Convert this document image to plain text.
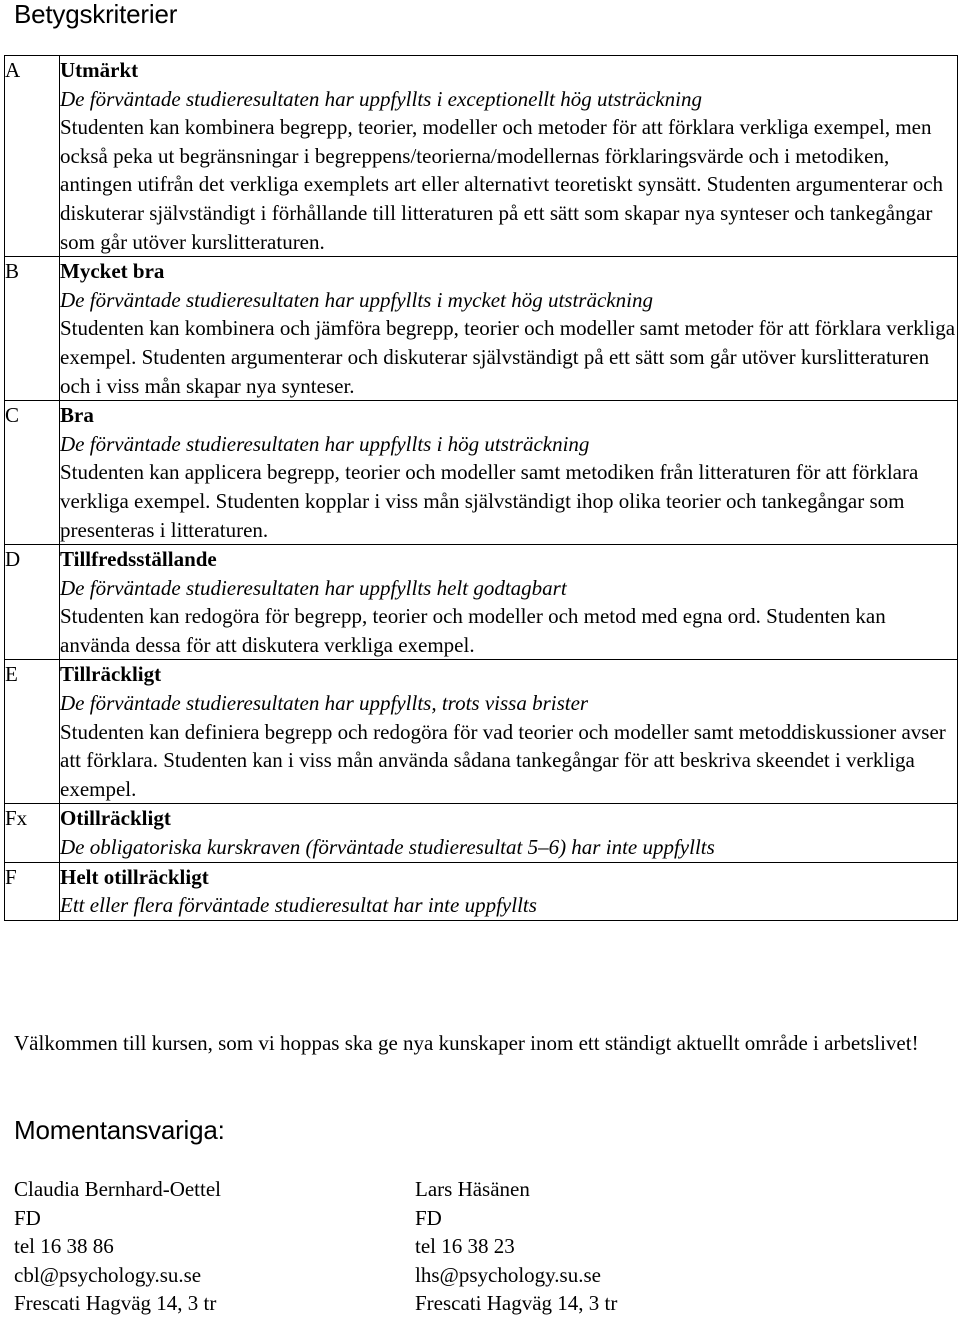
Betygskriterier
A	Utmärkt
De förväntade studieresultaten har uppfyllts i exceptionellt hög utsträckning
Studenten kan kombinera begrepp, teorier, modeller och metoder för att förklara verkliga exempel, men också peka ut begränsningar i begreppens/teorierna/modellernas förklaringsvärde och i metodiken, antingen utifrån det verkliga exemplets art eller alternativt teoretiskt synsätt. Studenten argumenterar och diskuterar självständigt i förhållande till litteraturen på ett sätt som skapar nya synteser och tankegångar som går utöver kurslitteraturen.

B	Mycket bra
De förväntade studieresultaten har uppfyllts i mycket hög utsträckning
Studenten kan kombinera och jämföra begrepp, teorier och modeller samt metoder för att förklara verkliga exempel. Studenten argumenterar och diskuterar självständigt på ett sätt som går utöver kurslitteraturen och i viss mån skapar nya synteser.

C	Bra
De förväntade studieresultaten har uppfyllts i hög utsträckning
Studenten kan applicera begrepp, teorier och modeller samt metodiken från litteraturen för att förklara verkliga exempel. Studenten kopplar i viss mån självständigt ihop olika teorier och tankegångar som presenteras i litteraturen.

D	Tillfredsställande
De förväntade studieresultaten har uppfyllts helt godtagbart
Studenten kan redogöra för begrepp, teorier och modeller och metod med egna ord. Studenten kan använda dessa för att diskutera verkliga exempel.

E	Tillräckligt
De förväntade studieresultaten har uppfyllts, trots vissa brister
Studenten kan definiera begrepp och redogöra för vad teorier och modeller samt metoddiskussioner avser att förklara. Studenten kan i viss mån använda sådana tankegångar för att beskriva skeendet i verkliga exempel.

Fx	Otillräckligt
De obligatoriska kurskraven (förväntade studieresultat 5–6) har inte uppfyllts

F	Helt otillräckligt
Ett eller flera förväntade studieresultat har inte uppfyllts

Välkommen till kursen, som vi hoppas ska ge nya kunskaper inom ett ständigt aktuellt område i arbetslivet!

Momentansvariga:
Claudia Bernhard-Oettel
FD
tel 16 38 86
cbl@psychology.su.se
Frescati Hagväg 14, 3 tr
Lars Häsänen
FD
tel 16 38 23
lhs@psychology.su.se
Frescati Hagväg 14, 3 tr
